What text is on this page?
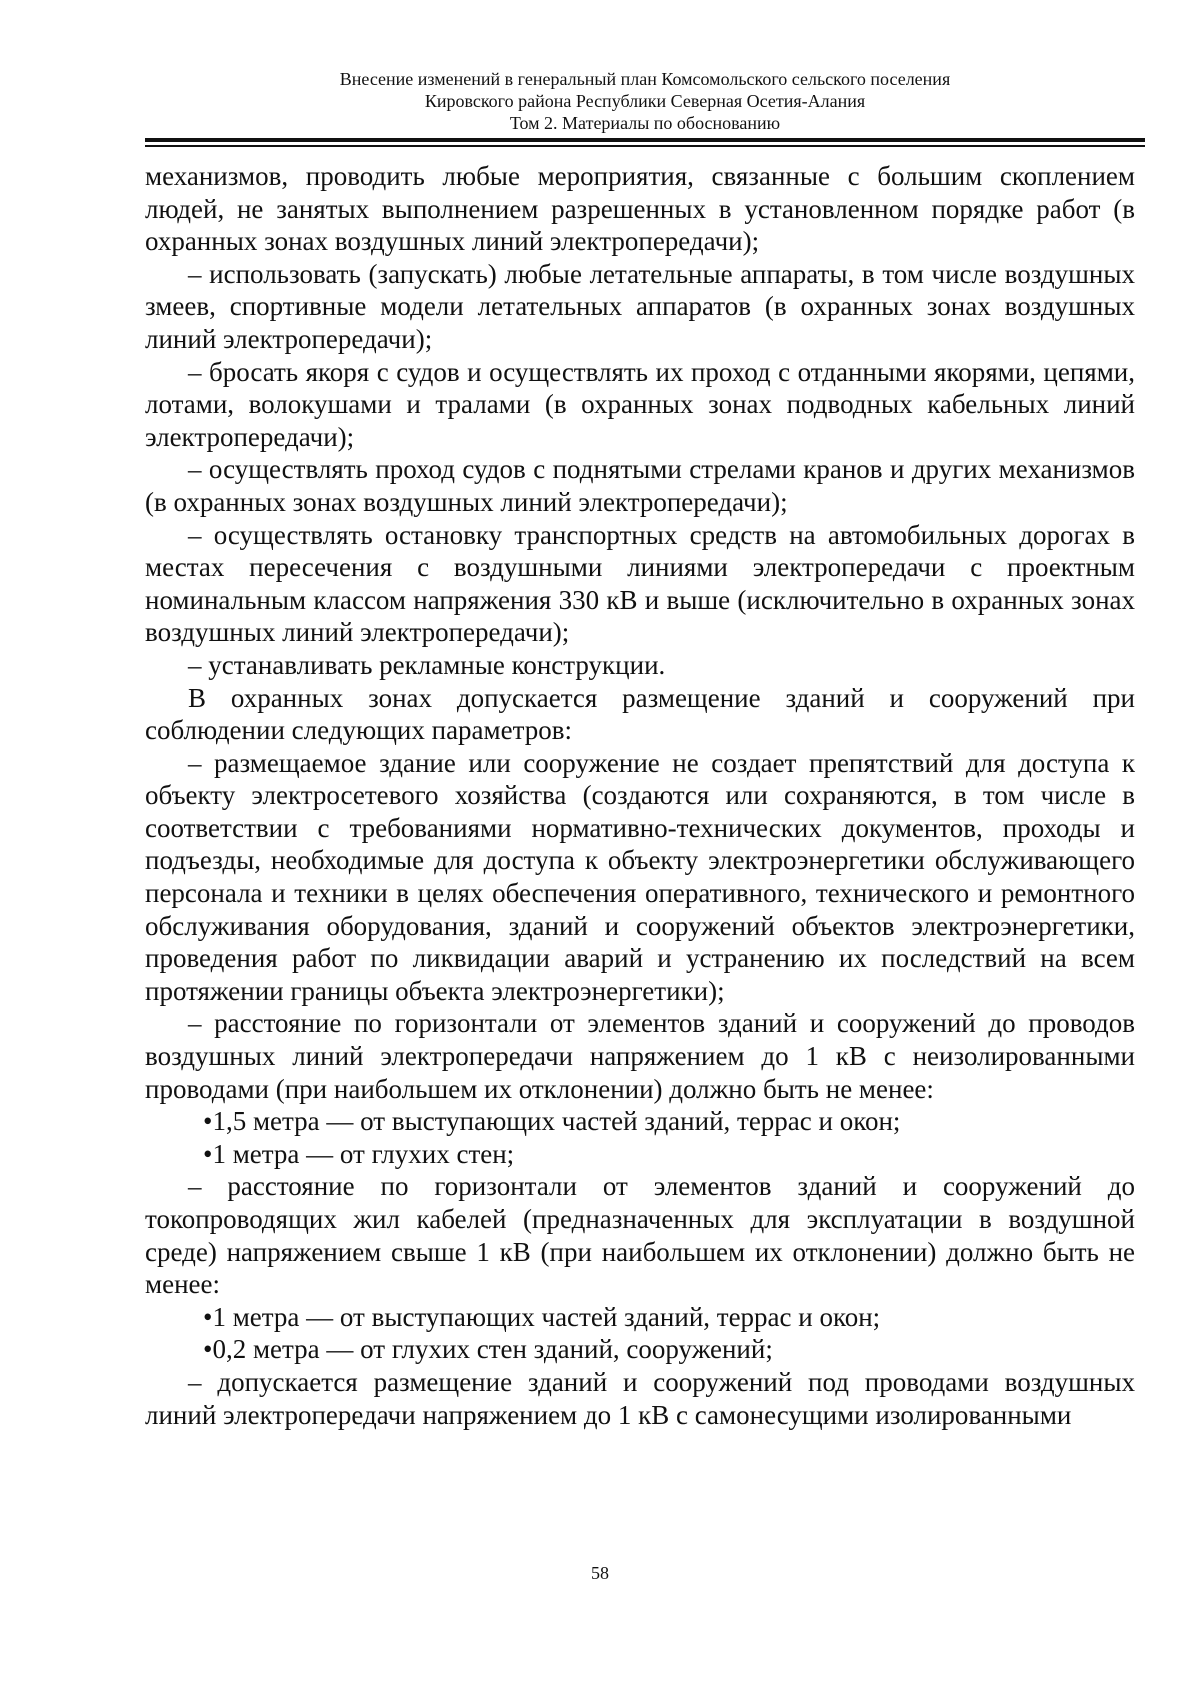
Внесение изменений в генеральный план Комсомольского сельского поселения
Кировского района Республики Северная Осетия-Алания
Том 2. Материалы по обоснованию

механизмов, проводить любые мероприятия, связанные с большим скоплением людей, не занятых выполнением разрешенных в установленном порядке работ (в охранных зонах воздушных линий электропередачи);

– использовать (запускать) любые летательные аппараты, в том числе воздушных змеев, спортивные модели летательных аппаратов (в охранных зонах воздушных линий электропередачи);

– бросать якоря с судов и осуществлять их проход с отданными якорями, цепями, лотами, волокушами и тралами (в охранных зонах подводных кабельных линий электропередачи);

– осуществлять проход судов с поднятыми стрелами кранов и других механизмов (в охранных зонах воздушных линий электропередачи);

– осуществлять остановку транспортных средств на автомобильных дорогах в местах пересечения с воздушными линиями электропередачи с проектным номинальным классом напряжения 330 кВ и выше (исключительно в охранных зонах воздушных линий электропередачи);

– устанавливать рекламные конструкции.

В охранных зонах допускается размещение зданий и сооружений при соблюдении следующих параметров:

– размещаемое здание или сооружение не создает препятствий для доступа к объекту электросетевого хозяйства (создаются или сохраняются, в том числе в соответствии с требованиями нормативно-технических документов, проходы и подъезды, необходимые для доступа к объекту электроэнергетики обслуживающего персонала и техники в целях обеспечения оперативного, технического и ремонтного обслуживания оборудования, зданий и сооружений объектов электроэнергетики, проведения работ по ликвидации аварий и устранению их последствий на всем протяжении границы объекта электроэнергетики);

– расстояние по горизонтали от элементов зданий и сооружений до проводов воздушных линий электропередачи напряжением до 1 кВ с неизолированными проводами (при наибольшем их отклонении) должно быть не менее:

•1,5 метра — от выступающих частей зданий, террас и окон;

•1 метра — от глухих стен;

– расстояние по горизонтали от элементов зданий и сооружений до токопроводящих жил кабелей (предназначенных для эксплуатации в воздушной среде) напряжением свыше 1 кВ (при наибольшем их отклонении) должно быть не менее:

•1 метра — от выступающих частей зданий, террас и окон;

•0,2 метра — от глухих стен зданий, сооружений;

– допускается размещение зданий и сооружений под проводами воздушных линий электропередачи напряжением до 1 кВ с самонесущими изолированными

58
